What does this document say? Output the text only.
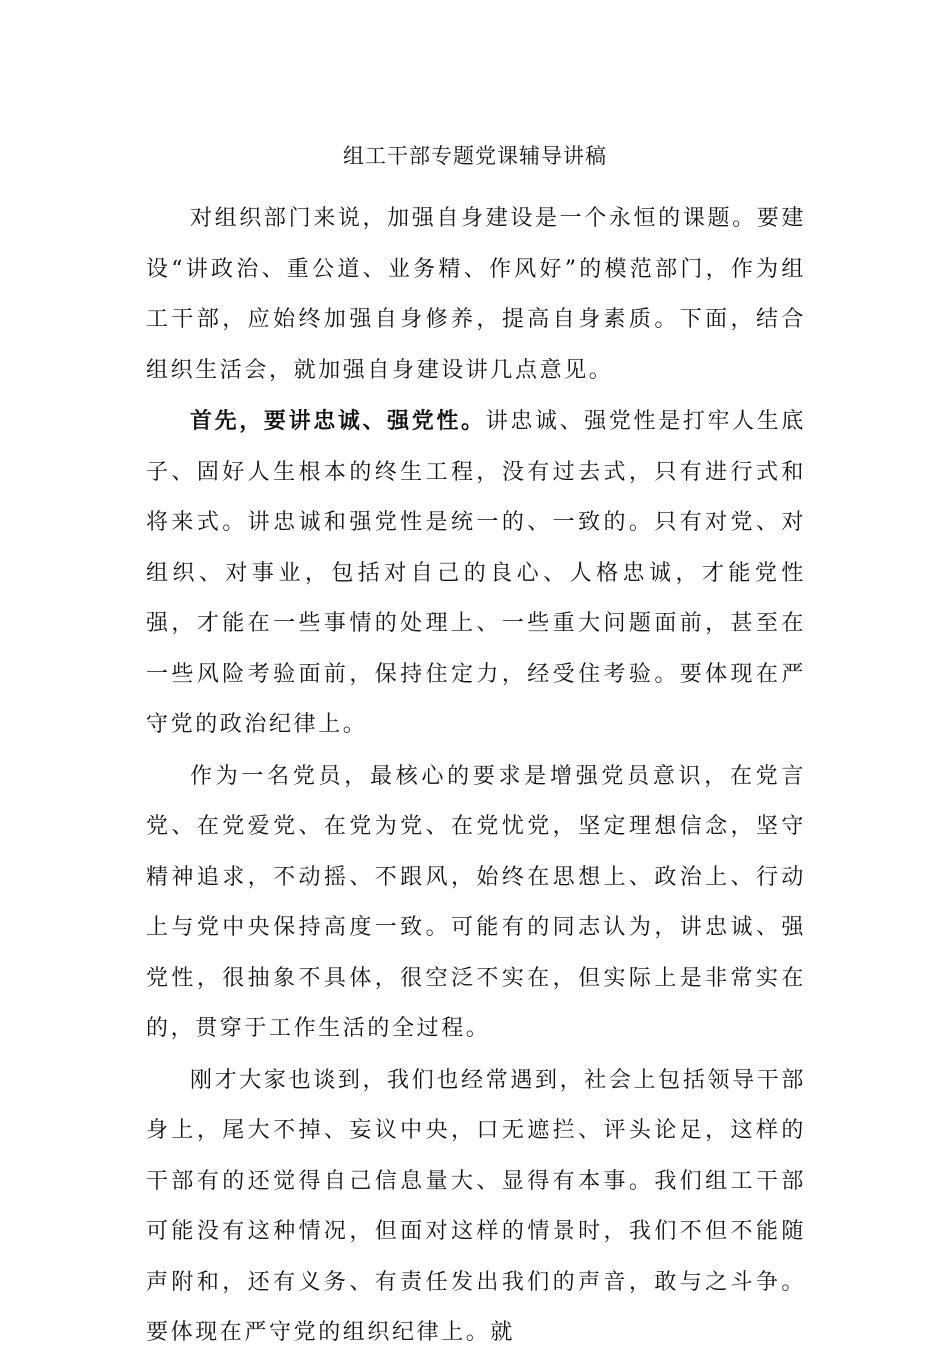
组工干部专题党课辅导讲稿

对组织部门来说，加强自身建设是一个永恒的课题。要建设“讲政治、重公道、业务精、作风好”的模范部门，作为组工干部，应始终加强自身修养，提高自身素质。下面，结合组织生活会，就加强自身建设讲几点意见。

首先，要讲忠诚、强党性。讲忠诚、强党性是打牢人生底子、固好人生根本的终生工程，没有过去式，只有进行式和将来式。讲忠诚和强党性是统一的、一致的。只有对党、对组织、对事业，包括对自己的良心、人格忠诚，才能党性强，才能在一些事情的处理上、一些重大问题面前，甚至在一些风险考验面前，保持住定力，经受住考验。要体现在严守党的政治纪律上。

作为一名党员，最核心的要求是增强党员意识，在党言党、在党爱党、在党为党、在党忧党，坚定理想信念，坚守精神追求，不动摇、不跟风，始终在思想上、政治上、行动上与党中央保持高度一致。可能有的同志认为，讲忠诚、强党性，很抽象不具体，很空泛不实在，但实际上是非常实在的，贯穿于工作生活的全过程。

刚才大家也谈到，我们也经常遇到，社会上包括领导干部身上，尾大不掉、妄议中央，口无遮拦、评头论足，这样的干部有的还觉得自己信息量大、显得有本事。我们组工干部可能没有这种情况，但面对这样的情景时，我们不但不能随声附和，还有义务、有责任发出我们的声音，敢与之斗争。要体现在严守党的组织纪律上。就
